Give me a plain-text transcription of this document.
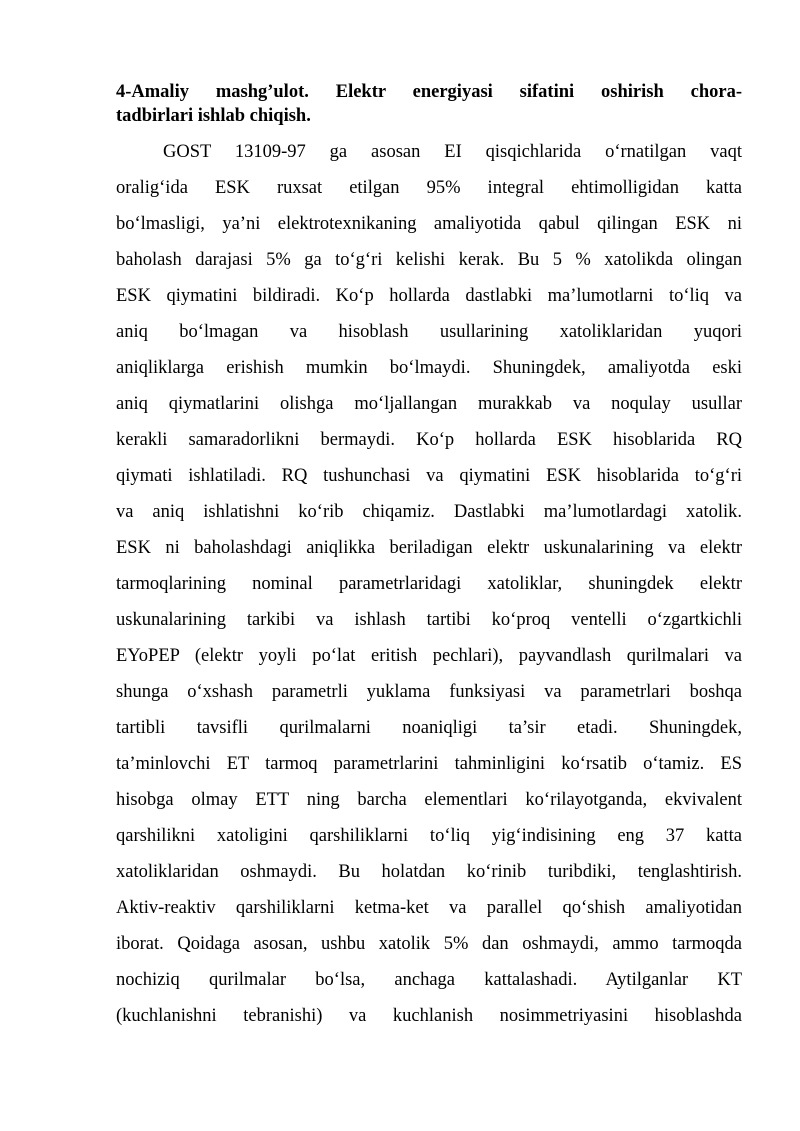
4-Amaliy mashg’ulot. Elektr energiyasi sifatini oshirish chora-
tadbirlari ishlab chiqish.
GOST 13109-97 ga asosan EI qisqichlarida o‘rnatilgan vaqt
oralig‘ida ESK ruxsat etilgan 95% integral ehtimolligidan katta
bo‘lmasligi, ya’ni elektrotexnikaning amaliyotida qabul qilingan ESK ni
baholash darajasi 5% ga to‘g‘ri kelishi kerak. Bu 5 % xatolikda olingan
ESK qiymatini bildiradi. Ko‘p hollarda dastlabki ma’lumotlarni to‘liq va
aniq bo‘lmagan va hisoblash usullarining xatoliklaridan yuqori
aniqliklarga erishish mumkin bo‘lmaydi. Shuningdek, amaliyotda eski
aniq qiymatlarini olishga mo‘ljallangan murakkab va noqulay usullar
kerakli samaradorlikni bermaydi. Ko‘p hollarda ESK hisoblarida RQ
qiymati ishlatiladi. RQ tushunchasi va qiymatini ESK hisoblarida to‘g‘ri
va aniq ishlatishni ko‘rib chiqamiz. Dastlabki ma’lumotlardagi xatolik.
ESK ni baholashdagi aniqlikka beriladigan elektr uskunalarining va elektr
tarmoqlarining nominal parametrlaridagi xatoliklar, shuningdek elektr
uskunalarining tarkibi va ishlash tartibi ko‘proq ventelli o‘zgartkichli
EYoPEP (elektr yoyli po‘lat eritish pechlari), payvandlash qurilmalari va
shunga o‘xshash parametrli yuklama funksiyasi va parametrlari boshqa
tartibli tavsifli qurilmalarni noaniqligi ta’sir etadi. Shuningdek,
ta’minlovchi ET tarmoq parametrlarini tahminligini ko‘rsatib o‘tamiz. ES
hisobga olmay ETT ning barcha elementlari ko‘rilayotganda, ekvivalent
qarshilikni xatoligini qarshiliklarni to‘liq yig‘indisining eng 37 katta
xatoliklaridan oshmaydi. Bu holatdan ko‘rinib turibdiki, tenglashtirish.
Aktiv-reaktiv qarshiliklarni ketma-ket va parallel qo‘shish amaliyotidan
iborat. Qoidaga asosan, ushbu xatolik 5% dan oshmaydi, ammo tarmoqda
nochiziq qurilmalar bo‘lsa, anchaga kattalashadi. Aytilganlar KT
(kuchlanishni tebranishi) va kuchlanish nosimmetriyasini hisoblashda
